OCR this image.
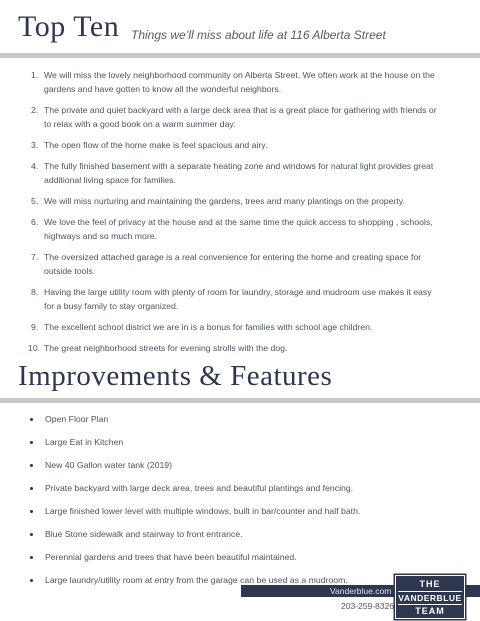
Top Ten Things we’ll miss about life at 116 Alberta Street
1. We will miss the lovely neighborhood community on Alberta Street. We often work at the house on the gardens and have gotten to know all the wonderful neighbors.
2. The private and quiet backyard with a large deck area that is a great place for gathering with friends or to relax with a good book on a warm summer day.
3. The open flow of the home make is feel spacious and airy.
4. The fully finished basement with a separate heating zone and windows for natural light provides great additional living space for families.
5. We will miss nurturing and maintaining the gardens, trees and many plantings on the property.
6. We love the feel of privacy at the house and at the same time the quick access to shopping , schools, highways and so much more.
7. The oversized attached garage is a real convenience for entering the home and creating space for outside tools.
8. Having the large utility room with plenty of room for laundry, storage and mudroom use makes it easy for a busy family to stay organized.
9. The excellent school district we are in is a bonus for families with school age children.
10. The great neighborhood streets for evening strolls with the dog.
Improvements & Features
Open Floor Plan
Large Eat in Kitchen
New 40 Gallon water tank (2019)
Private backyard with large deck area, trees and beautiful plantings and fencing.
Large finished lower level with multiple windows, built in bar/counter and half bath.
Blue Stone sidewalk and stairway to front entrance.
Perennial gardens and trees that have been beautiful maintained.
Large laundry/utility room at entry from the garage can be used as a mudroom.
Vanderblue.com
203-259-8326
THE
VANDERBLUE
TEAM
